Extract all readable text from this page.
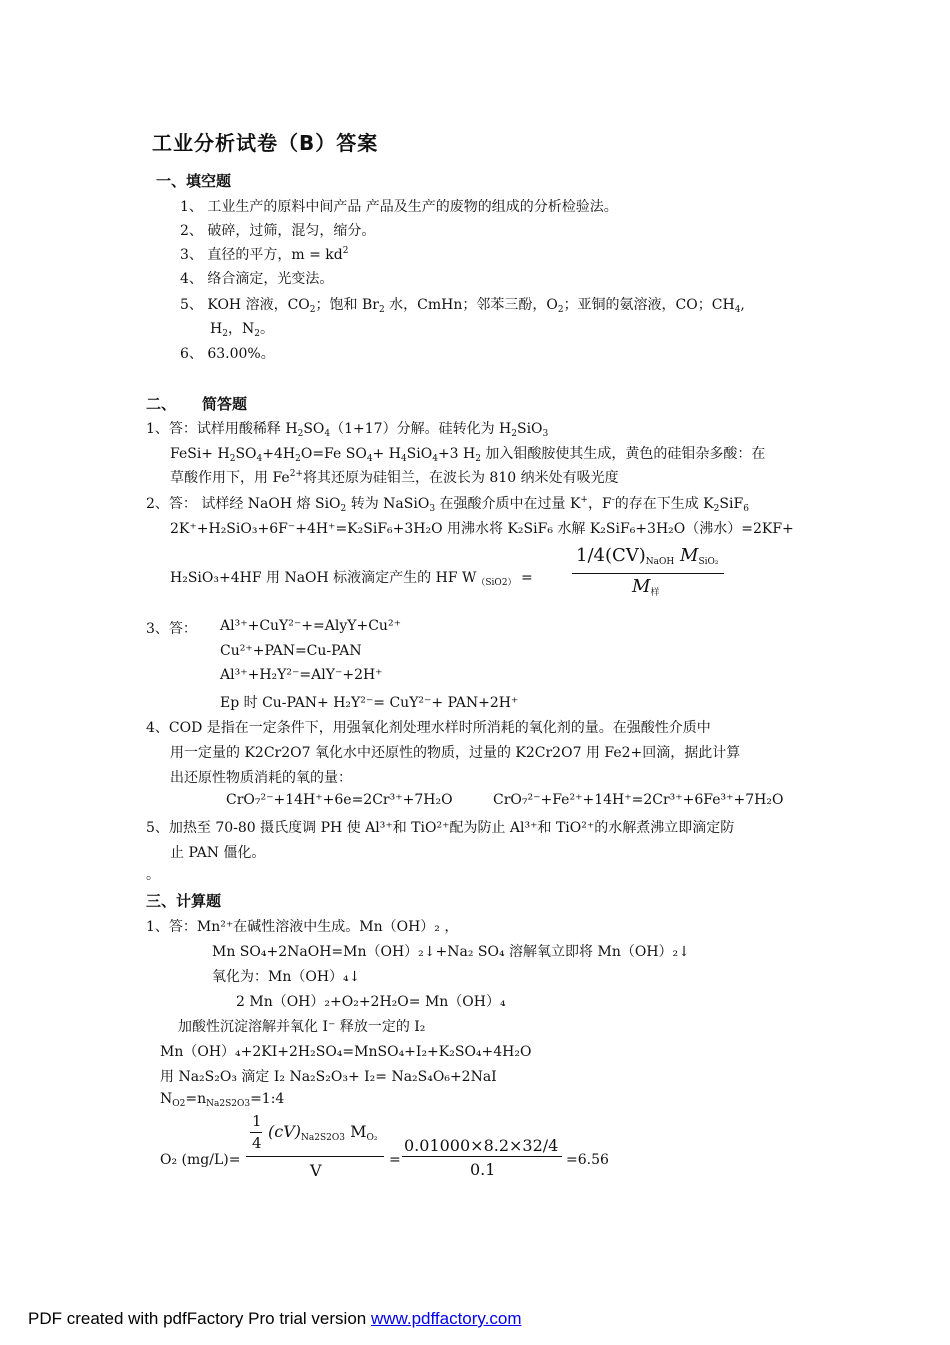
工业分析试卷（B）答案
一、填空题
1、 工业生产的原料中间产品 产品及生产的废物的组成的分析检验法。
2、 破碎，过筛，混匀，缩分。
3、 直径的平方，$m = kd^2$
4、 络合滴定，光变法。
5、 KOH 溶液，$CO_2$；饱和 $Br_2$ 水，CmHn；邻苯三酚，$O_2$；亚铜的氨溶液，CO；$CH_4$,
$H_2$，$N_2$。
6、 63.00%。
二、 简答题
1、答：试样用酸稀释 $H_2SO_4(1+17)$分解。硅转化为 $H_2SiO_3$
FeSi+ $H_2SO_4+4H_2O=Fe$ $SO_4+ H_4SiO_4+3$ $H_2$ 加入钼酸胺使其生成，黄色的硅钼杂多酸：在
草酸作用下，用 $Fe^{2+}$将其还原为硅钼兰，在波长为 810 纳米处有吸光度
2、答： 试样经 NaOH 熔 SiO$_2$ 转为 NaSiO$_3$ 在强酸介质中在过量 K+，F-的存在下生成 $K_2SiF_6$
2K⁺+H₂SiO₃+6F⁻+4H⁺=K₂SiF₆+3H₂O 用沸水将 K₂SiF₆ 水解 K₂SiF₆+3H₂O（沸水）=2KF+
H₂SiO₃+4HF 用 NaOH 标液滴定产生的 HF $W_{(SiO2)}$ =
$1/4(CV)_{NaOH}$ $M_{SiO_2}$
$M_样$
3、答： Al³⁺+CuY²⁻+=AlyY+Cu²⁺
Cu²⁺+PAN=Cu-PAN
Al³⁺+H₂Y²⁻=AlY⁻+2H⁺
Ep 时 Cu-PAN+ H₂Y²⁻= CuY²⁻+ PAN+2H⁺
4、COD 是指在一定条件下，用强氧化剂处理水样时所消耗的氧化剂的量。在强酸性介质中
用一定量的 K2Cr2O7 氧化水中还原性的物质，过量的 K2Cr2O7 用 Fe2+回滴，据此计算
出还原性物质消耗的氧的量：
CrO₇²⁻+14H⁺+6e=2Cr³⁺+7H₂O	CrO₇²⁻+Fe²⁺+14H⁺=2Cr³⁺+6Fe³⁺+7H₂O
5、加热至 70-80 摄氏度调 PH 使 Al³⁺和 TiO²⁺配为防止 Al³⁺和 TiO²⁺的水解煮沸立即滴定防
止 PAN 僵化。
。
三、计算题
1、答：Mn²⁺在碱性溶液中生成。Mn（OH）₂ ，
Mn SO₄+2NaOH=Mn（OH）₂↓+Na₂ SO₄ 溶解氧立即将 Mn（OH）₂↓
氧化为：Mn（OH）₄↓
2 Mn（OH）₂+O₂+2H₂O= Mn（OH）₄
加酸性沉淀溶解并氧化 I⁻ 释放一定的 I₂
Mn（OH）₄+2KI+2H₂SO₄=MnSO₄+I₂+K₂SO₄+4H₂O
用 Na₂S₂O₃ 滴定 I₂ Na₂S₂O₃+ I₂= Na₂S₄O₆+2NaI
$N_{O2}=n_{Na2S2O3}=1:4$
O₂ (mg/L)=
1
4
$(cV)_{Na2S2O3}$ $M_{O_2}$
V
=
0.01000×8.2×32/4
0.1	=6.56
PDF created with pdfFactory Pro trial version www.pdffactory.com
